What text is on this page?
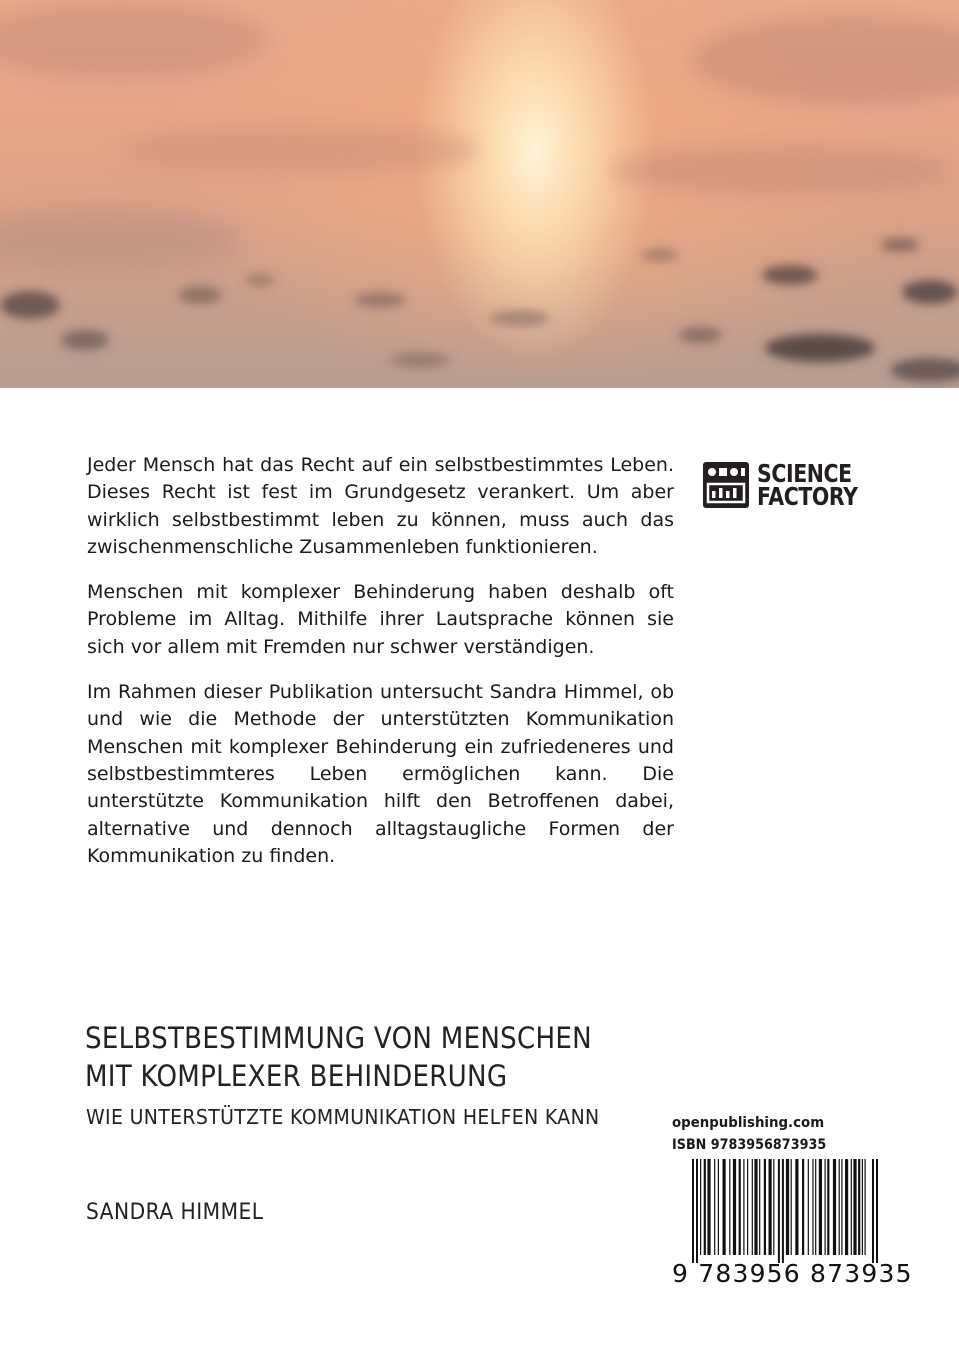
Jeder Mensch hat das Recht auf ein selbstbestimmtes Leben. Dieses Recht ist fest im Grundgesetz verankert. Um aber wirklich selbstbestimmt leben zu können, muss auch das zwischenmenschliche Zusammenleben funktionieren.

Menschen mit komplexer Behinderung haben deshalb oft Probleme im Alltag. Mithilfe ihrer Lautsprache können sie sich vor allem mit Fremden nur schwer verständigen.

Im Rahmen dieser Publikation untersucht Sandra Himmel, ob und wie die Methode der unterstützten Kommunikation Menschen mit komplexer Behinderung ein zufriedeneres und selbstbestimmteres Leben ermöglichen kann. Die unterstützte Kommunikation hilft den Betroffenen dabei, alternative und dennoch alltagstaugliche Formen der Kommunikation zu finden.

SCIENCE
FACTORY
SELBSTBESTIMMUNG VON MENSCHEN
MIT KOMPLEXER BEHINDERUNG
WIE UNTERSTÜTZTE KOMMUNIKATION HELFEN KANN
SANDRA HIMMEL
openpublishing.com
ISBN 9783956873935
9 783956 873935
